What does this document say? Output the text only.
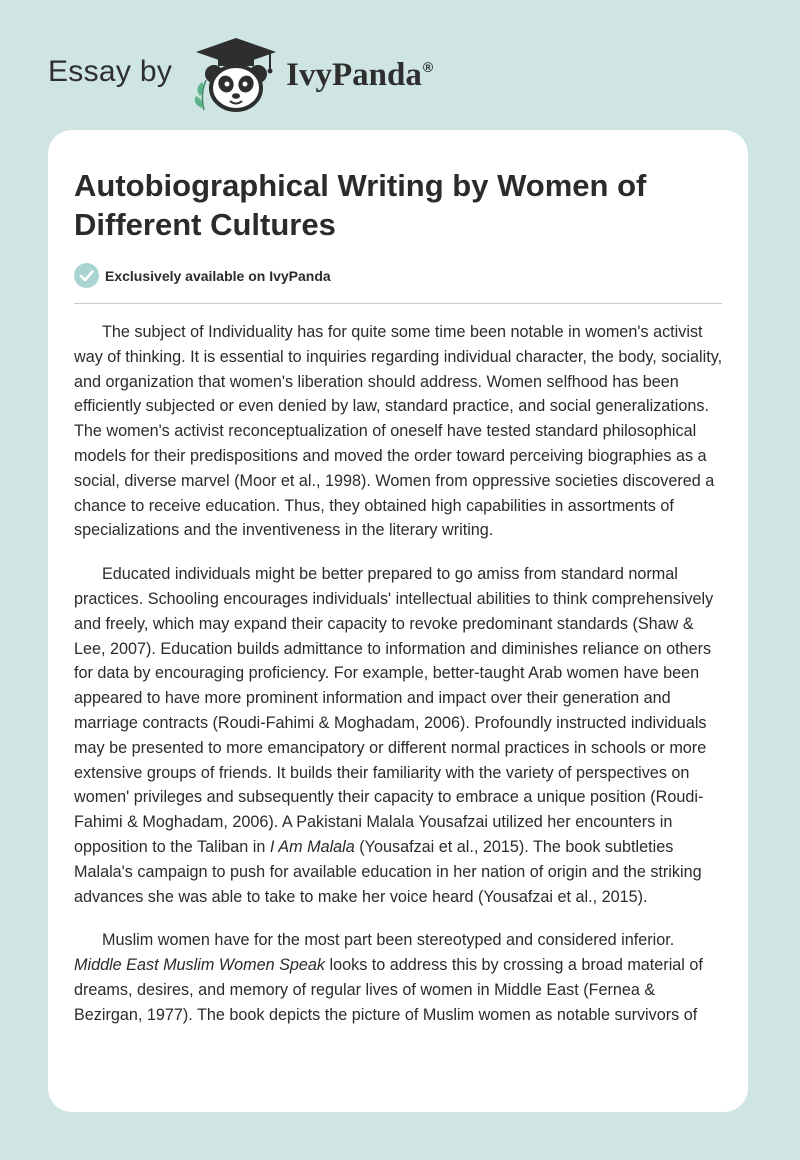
Essay by	IvyPanda®
Autobiographical Writing by Women of Different Cultures
Exclusively available on IvyPanda

The subject of Individuality has for quite some time been notable in women's activist way of thinking. It is essential to inquiries regarding individual character, the body, sociality, and organization that women's liberation should address. Women selfhood has been efficiently subjected or even denied by law, standard practice, and social generalizations. The women's activist reconceptualization of oneself have tested standard philosophical models for their predispositions and moved the order toward perceiving biographies as a social, diverse marvel (Moor et al., 1998). Women from oppressive societies discovered a chance to receive education. Thus, they obtained high capabilities in assortments of specializations and the inventiveness in the literary writing.

Educated individuals might be better prepared to go amiss from standard normal practices. Schooling encourages individuals' intellectual abilities to think comprehensively and freely, which may expand their capacity to revoke predominant standards (Shaw & Lee, 2007). Education builds admittance to information and diminishes reliance on others for data by encouraging proficiency. For example, better-taught Arab women have been appeared to have more prominent information and impact over their generation and marriage contracts (Roudi-Fahimi & Moghadam, 2006). Profoundly instructed individuals may be presented to more emancipatory or different normal practices in schools or more extensive groups of friends. It builds their familiarity with the variety of perspectives on women' privileges and subsequently their capacity to embrace a unique position (Roudi-Fahimi & Moghadam, 2006). A Pakistani Malala Yousafzai utilized her encounters in opposition to the Taliban in I Am Malala (Yousafzai et al., 2015). The book subtleties Malala's campaign to push for available education in her nation of origin and the striking advances she was able to take to make her voice heard (Yousafzai et al., 2015).

Muslim women have for the most part been stereotyped and considered inferior. Middle East Muslim Women Speak looks to address this by crossing a broad material of dreams, desires, and memory of regular lives of women in Middle East (Fernea & Bezirgan, 1977). The book depicts the picture of Muslim women as notable survivors of
